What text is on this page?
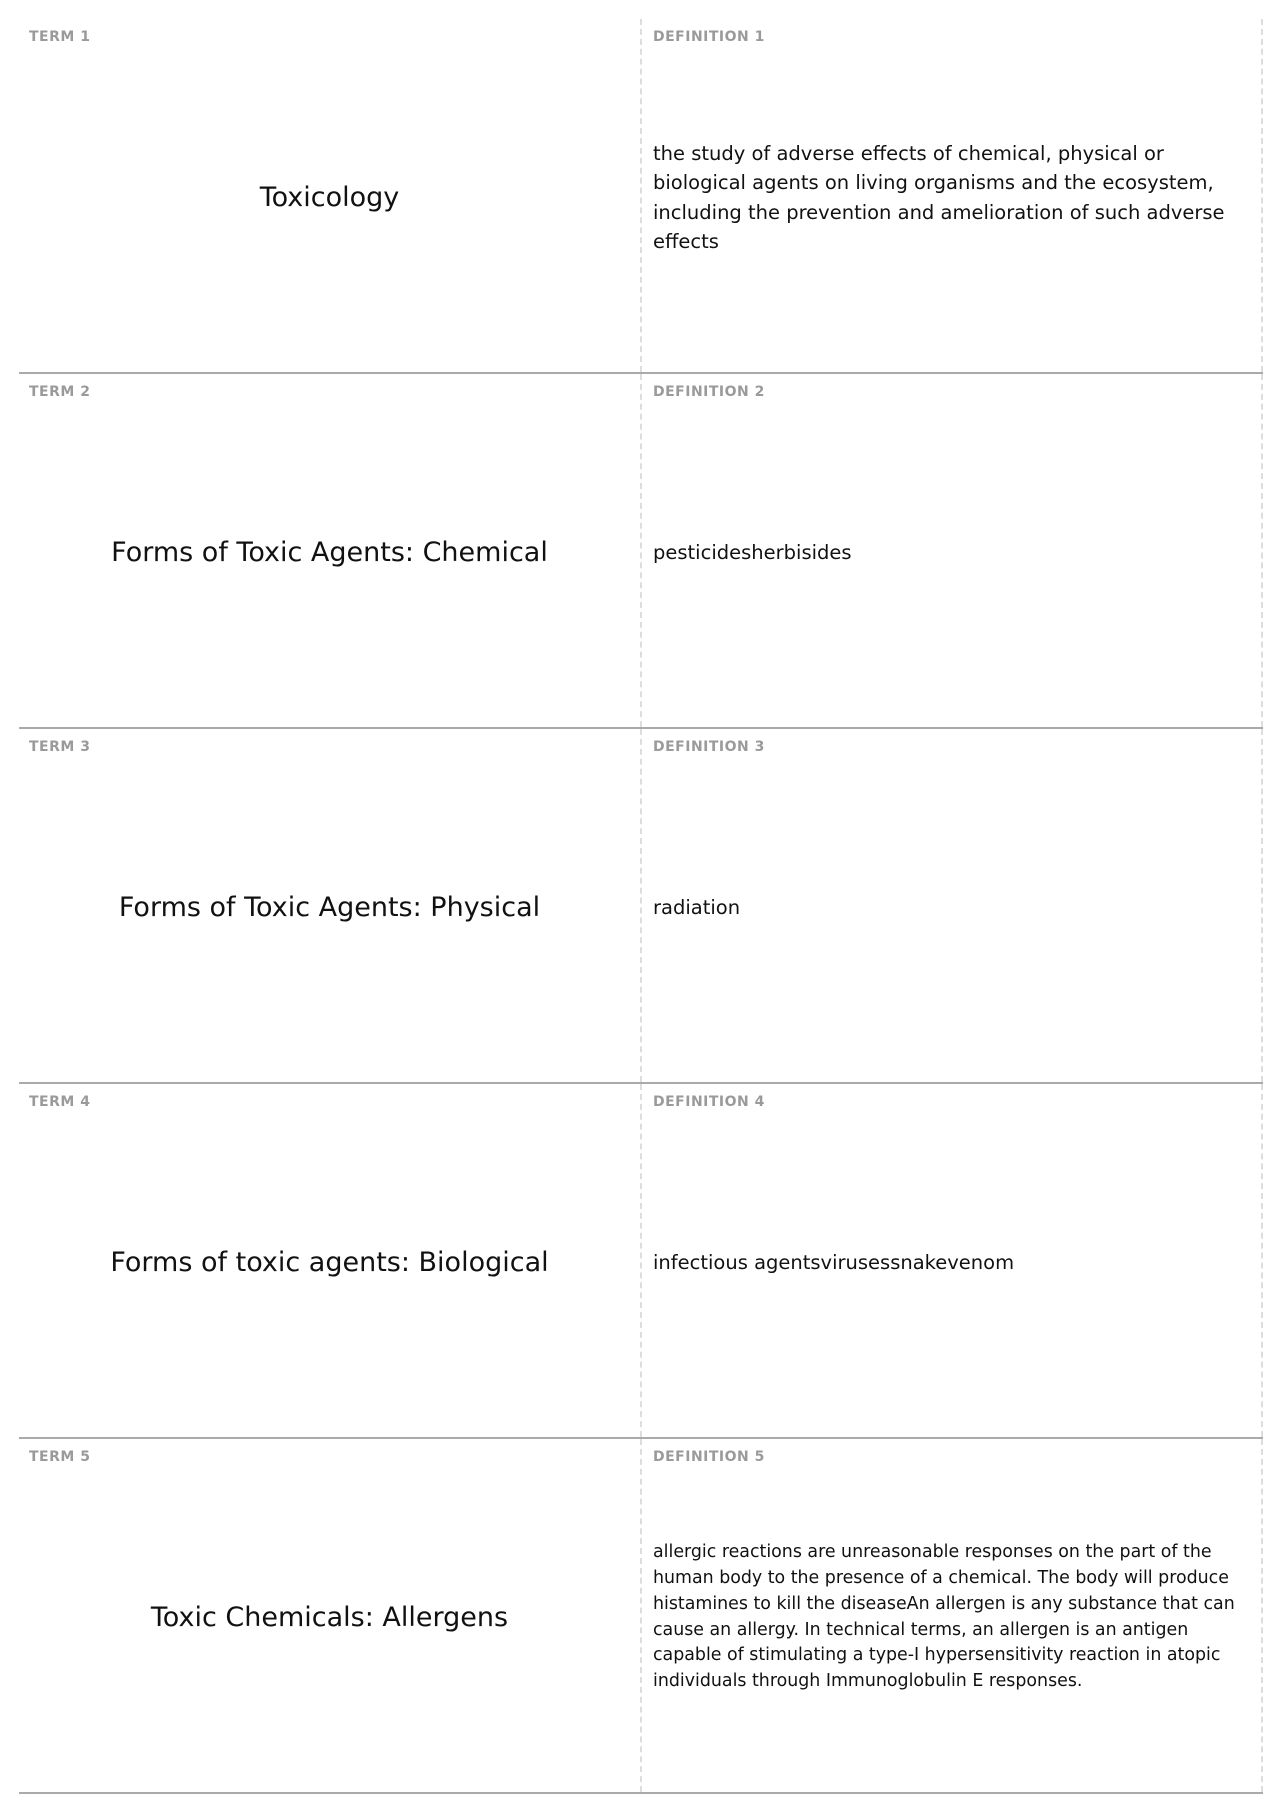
TERM 1
Toxicology
DEFINITION 1
the study of adverse effects of chemical, physical or biological agents on living organisms and the ecosystem, including the prevention and amelioration of such adverse effects
TERM 2
Forms of Toxic Agents: Chemical
DEFINITION 2
pesticidesherbisides
TERM 3
Forms of Toxic Agents: Physical
DEFINITION 3
radiation
TERM 4
Forms of toxic agents: Biological
DEFINITION 4
infectious agentsvirusessnakevenom
TERM 5
Toxic Chemicals: Allergens
DEFINITION 5
allergic reactions are unreasonable responses on the part of the human body to the presence of a chemical. The body will produce histamines to kill the diseaseAn allergen is any substance that can cause an allergy. In technical terms, an allergen is an antigen capable of stimulating a type-I hypersensitivity reaction in atopic individuals through Immunoglobulin E responses.
